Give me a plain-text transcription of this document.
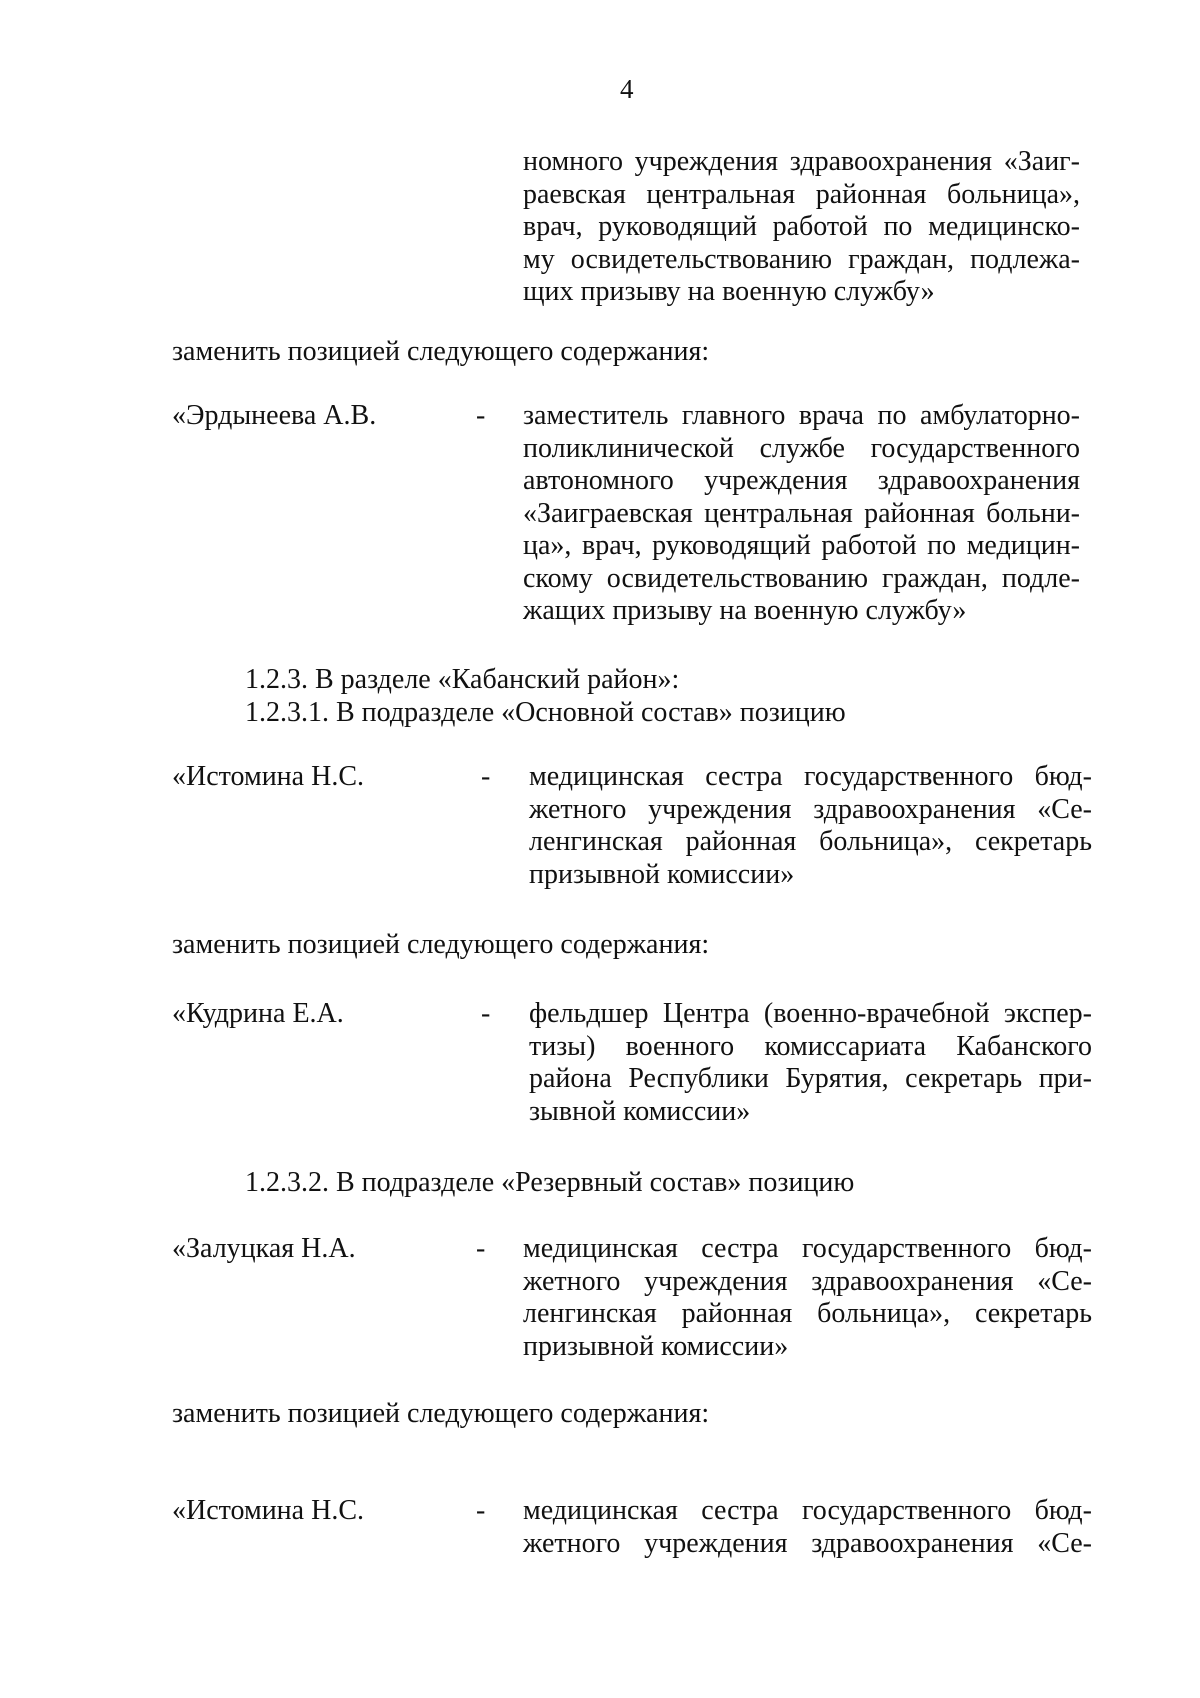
4
номного учреждения здравоохранения «Заиг-
раевская центральная районная больница»,
врач, руководящий работой по медицинско-
му освидетельствованию граждан, подлежа-
щих призыву на военную службу»
заменить позицией следующего содержания:
«Эрдынеева А.В.	- заместитель главного врача по амбулаторно-
поликлинической службе государственного
автономного учреждения здравоохранения
«Заиграевская центральная районная больни-
ца», врач, руководящий работой по медицин-
скому освидетельствованию граждан, подле-
жащих призыву на военную службу»
1.2.3. В разделе «Кабанский район»:
1.2.3.1. В подразделе «Основной состав» позицию
«Истомина Н.С.	- медицинская сестра государственного бюд-
жетного учреждения здравоохранения «Се-
ленгинская районная больница», секретарь
призывной комиссии»
заменить позицией следующего содержания:
«Кудрина Е.А.	- фельдшер Центра (военно-врачебной экспер-
тизы) военного комиссариата Кабанского
района Республики Бурятия, секретарь при-
зывной комиссии»
1.2.3.2. В подразделе «Резервный состав» позицию
«Залуцкая Н.А.	- медицинская сестра государственного бюд-
жетного учреждения здравоохранения «Се-
ленгинская районная больница», секретарь
призывной комиссии»
заменить позицией следующего содержания:
«Истомина Н.С.	- медицинская сестра государственного бюд-
жетного учреждения здравоохранения «Се-
